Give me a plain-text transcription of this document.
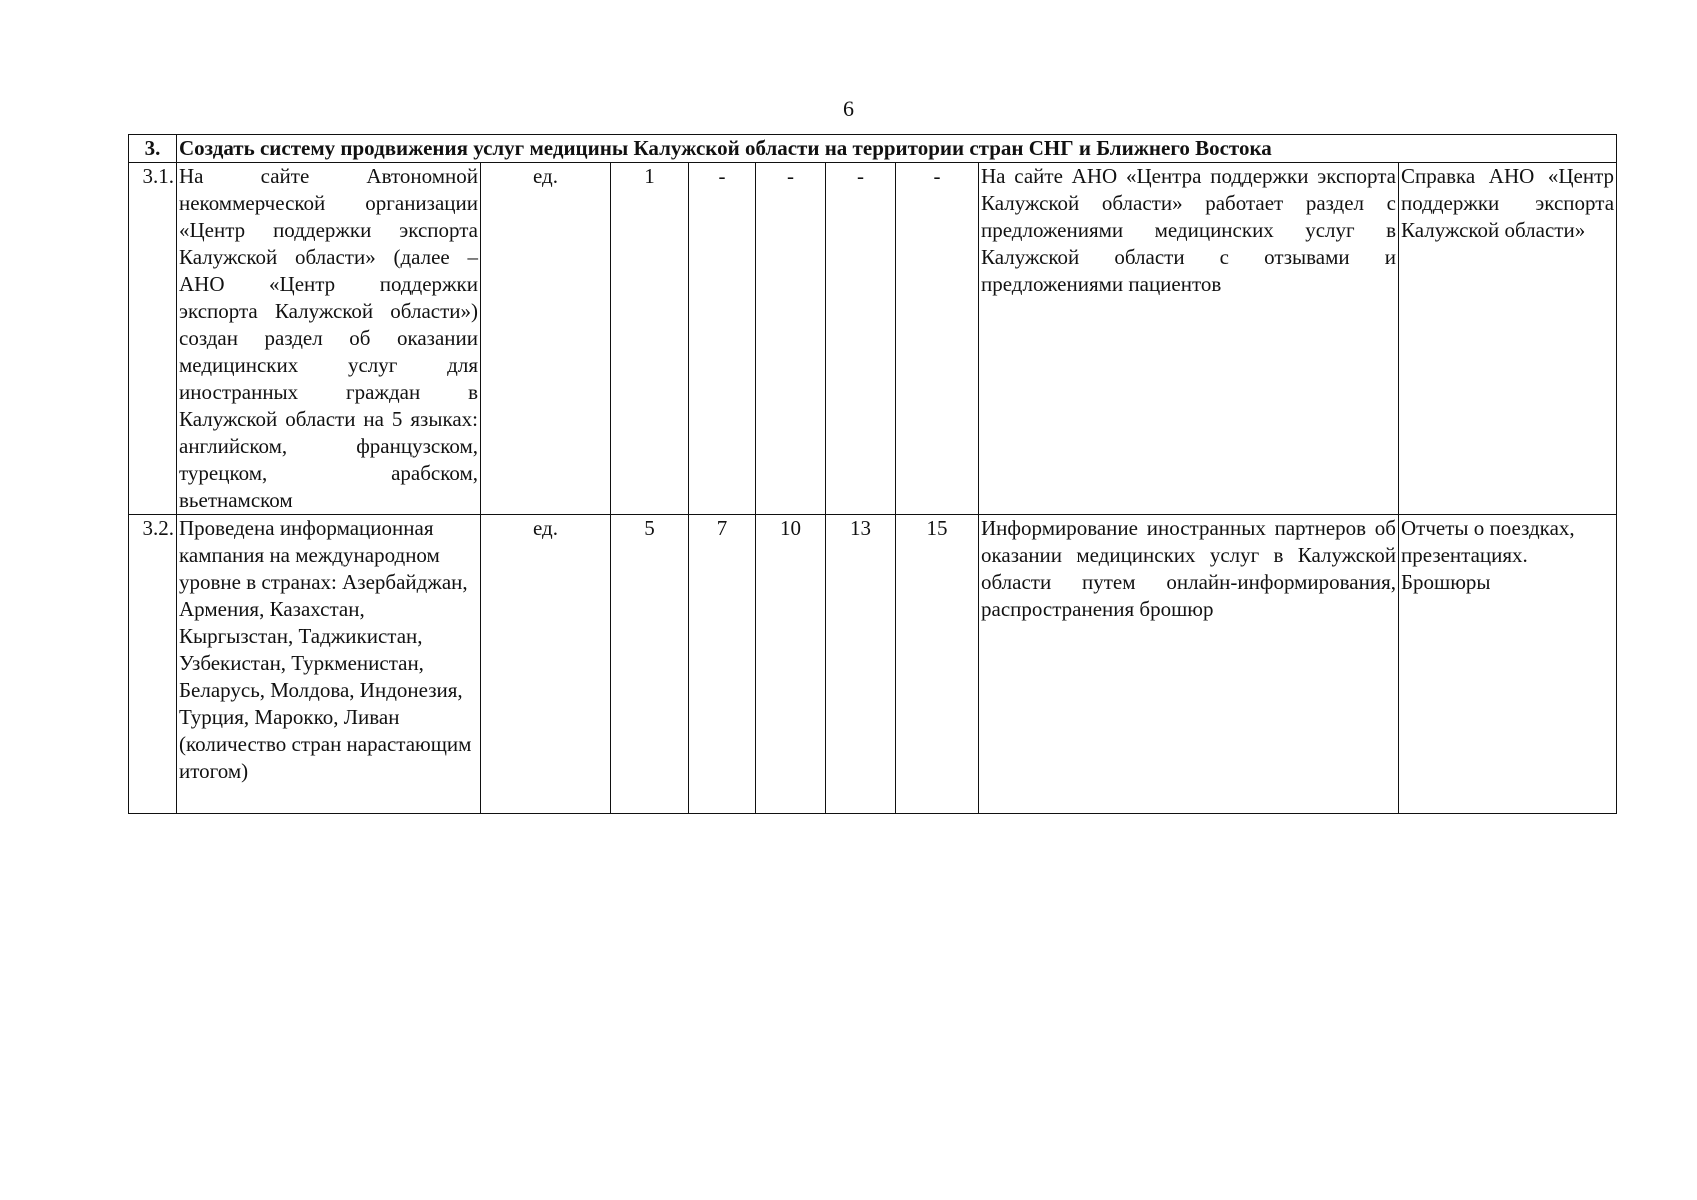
6
3.	Создать систему продвижения услуг медицины Калужской области на территории стран СНГ и Ближнего Востока								
3.1.	На сайте Автономной некоммерческой организации «Центр поддержки экспорта Калужской области» (далее – АНО «Центр поддержки экспорта Калужской области») создан раздел об оказании медицинских услуг для иностранных граждан в Калужской области на 5 языках: английском, французском, турецком, арабском, вьетнамском	ед.	1	-	-	-	-	На сайте АНО «Центра поддержки экспорта Калужской области» работает раздел с предложениями медицинских услуг в Калужской области с отзывами и предложениями пациентов	Справка АНО «Центр поддержки экспорта Калужской области»
3.2.	Проведена информационная кампания на международном уровне в странах: Азербайджан, Армения, Казахстан, Кыргызстан, Таджикистан, Узбекистан, Туркменистан, Беларусь, Молдова, Индонезия, Турция, Марокко, Ливан (количество стран нарастающим итогом)	ед.	5	7	10	13	15	Информирование иностранных партнеров об оказании медицинских услуг в Калужской области путем онлайн-информирования, распространения брошюр	Отчеты о поездках, презентациях. Брошюры
